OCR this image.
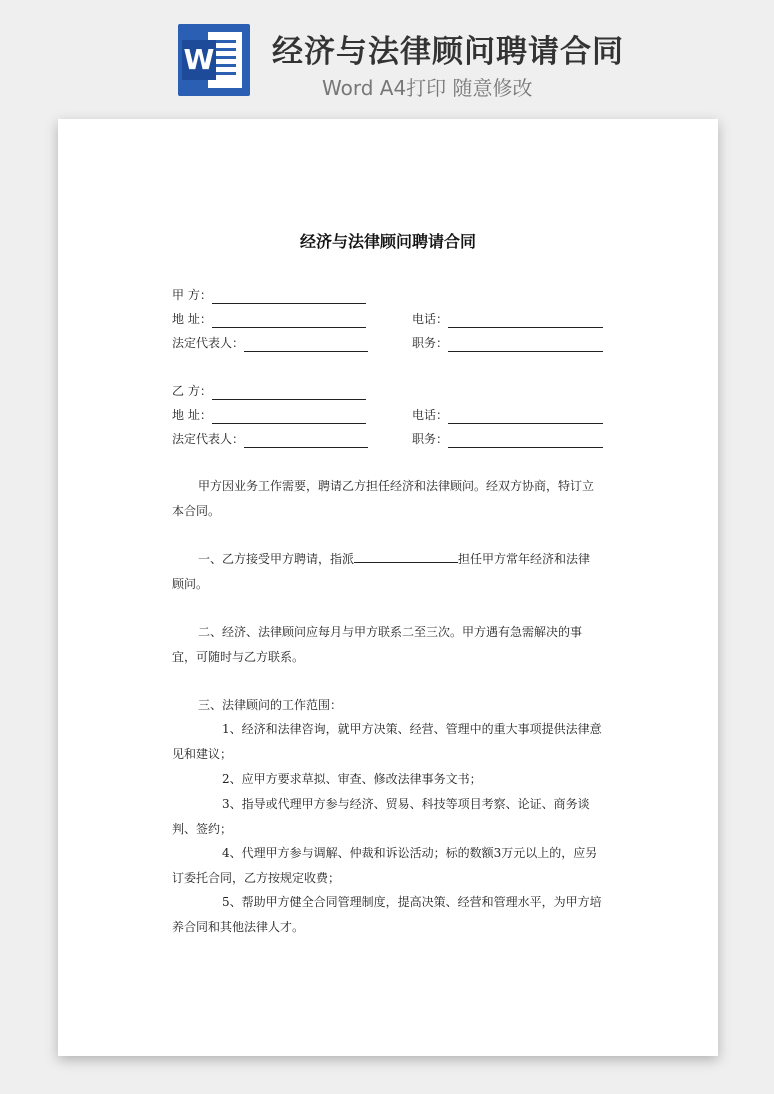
W 经济与法律顾问聘请合同
Word A4打印 随意修改
经济与法律顾问聘请合同
甲 方：
地 址：	电话：
法定代表人：	职务：
乙 方：
地 址：	电话：
法定代表人：	职务：
甲方因业务工作需要，聘请乙方担任经济和法律顾问。经双方协商，特订立本合同。
一、乙方接受甲方聘请，指派	担任甲方常年经济和法律顾问。
二、经济、法律顾问应每月与甲方联系二至三次。甲方遇有急需解决的事宜，可随时与乙方联系。
三、法律顾问的工作范围：
1、经济和法律咨询，就甲方决策、经营、管理中的重大事项提供法律意见和建议；
2、应甲方要求草拟、审查、修改法律事务文书；
3、指导或代理甲方参与经济、贸易、科技等项目考察、论证、商务谈判、签约；
4、代理甲方参与调解、仲裁和诉讼活动；标的数额3万元以上的，应另订委托合同，乙方按规定收费；
5、帮助甲方健全合同管理制度，提高决策、经营和管理水平，为甲方培养合同和其他法律人才。
